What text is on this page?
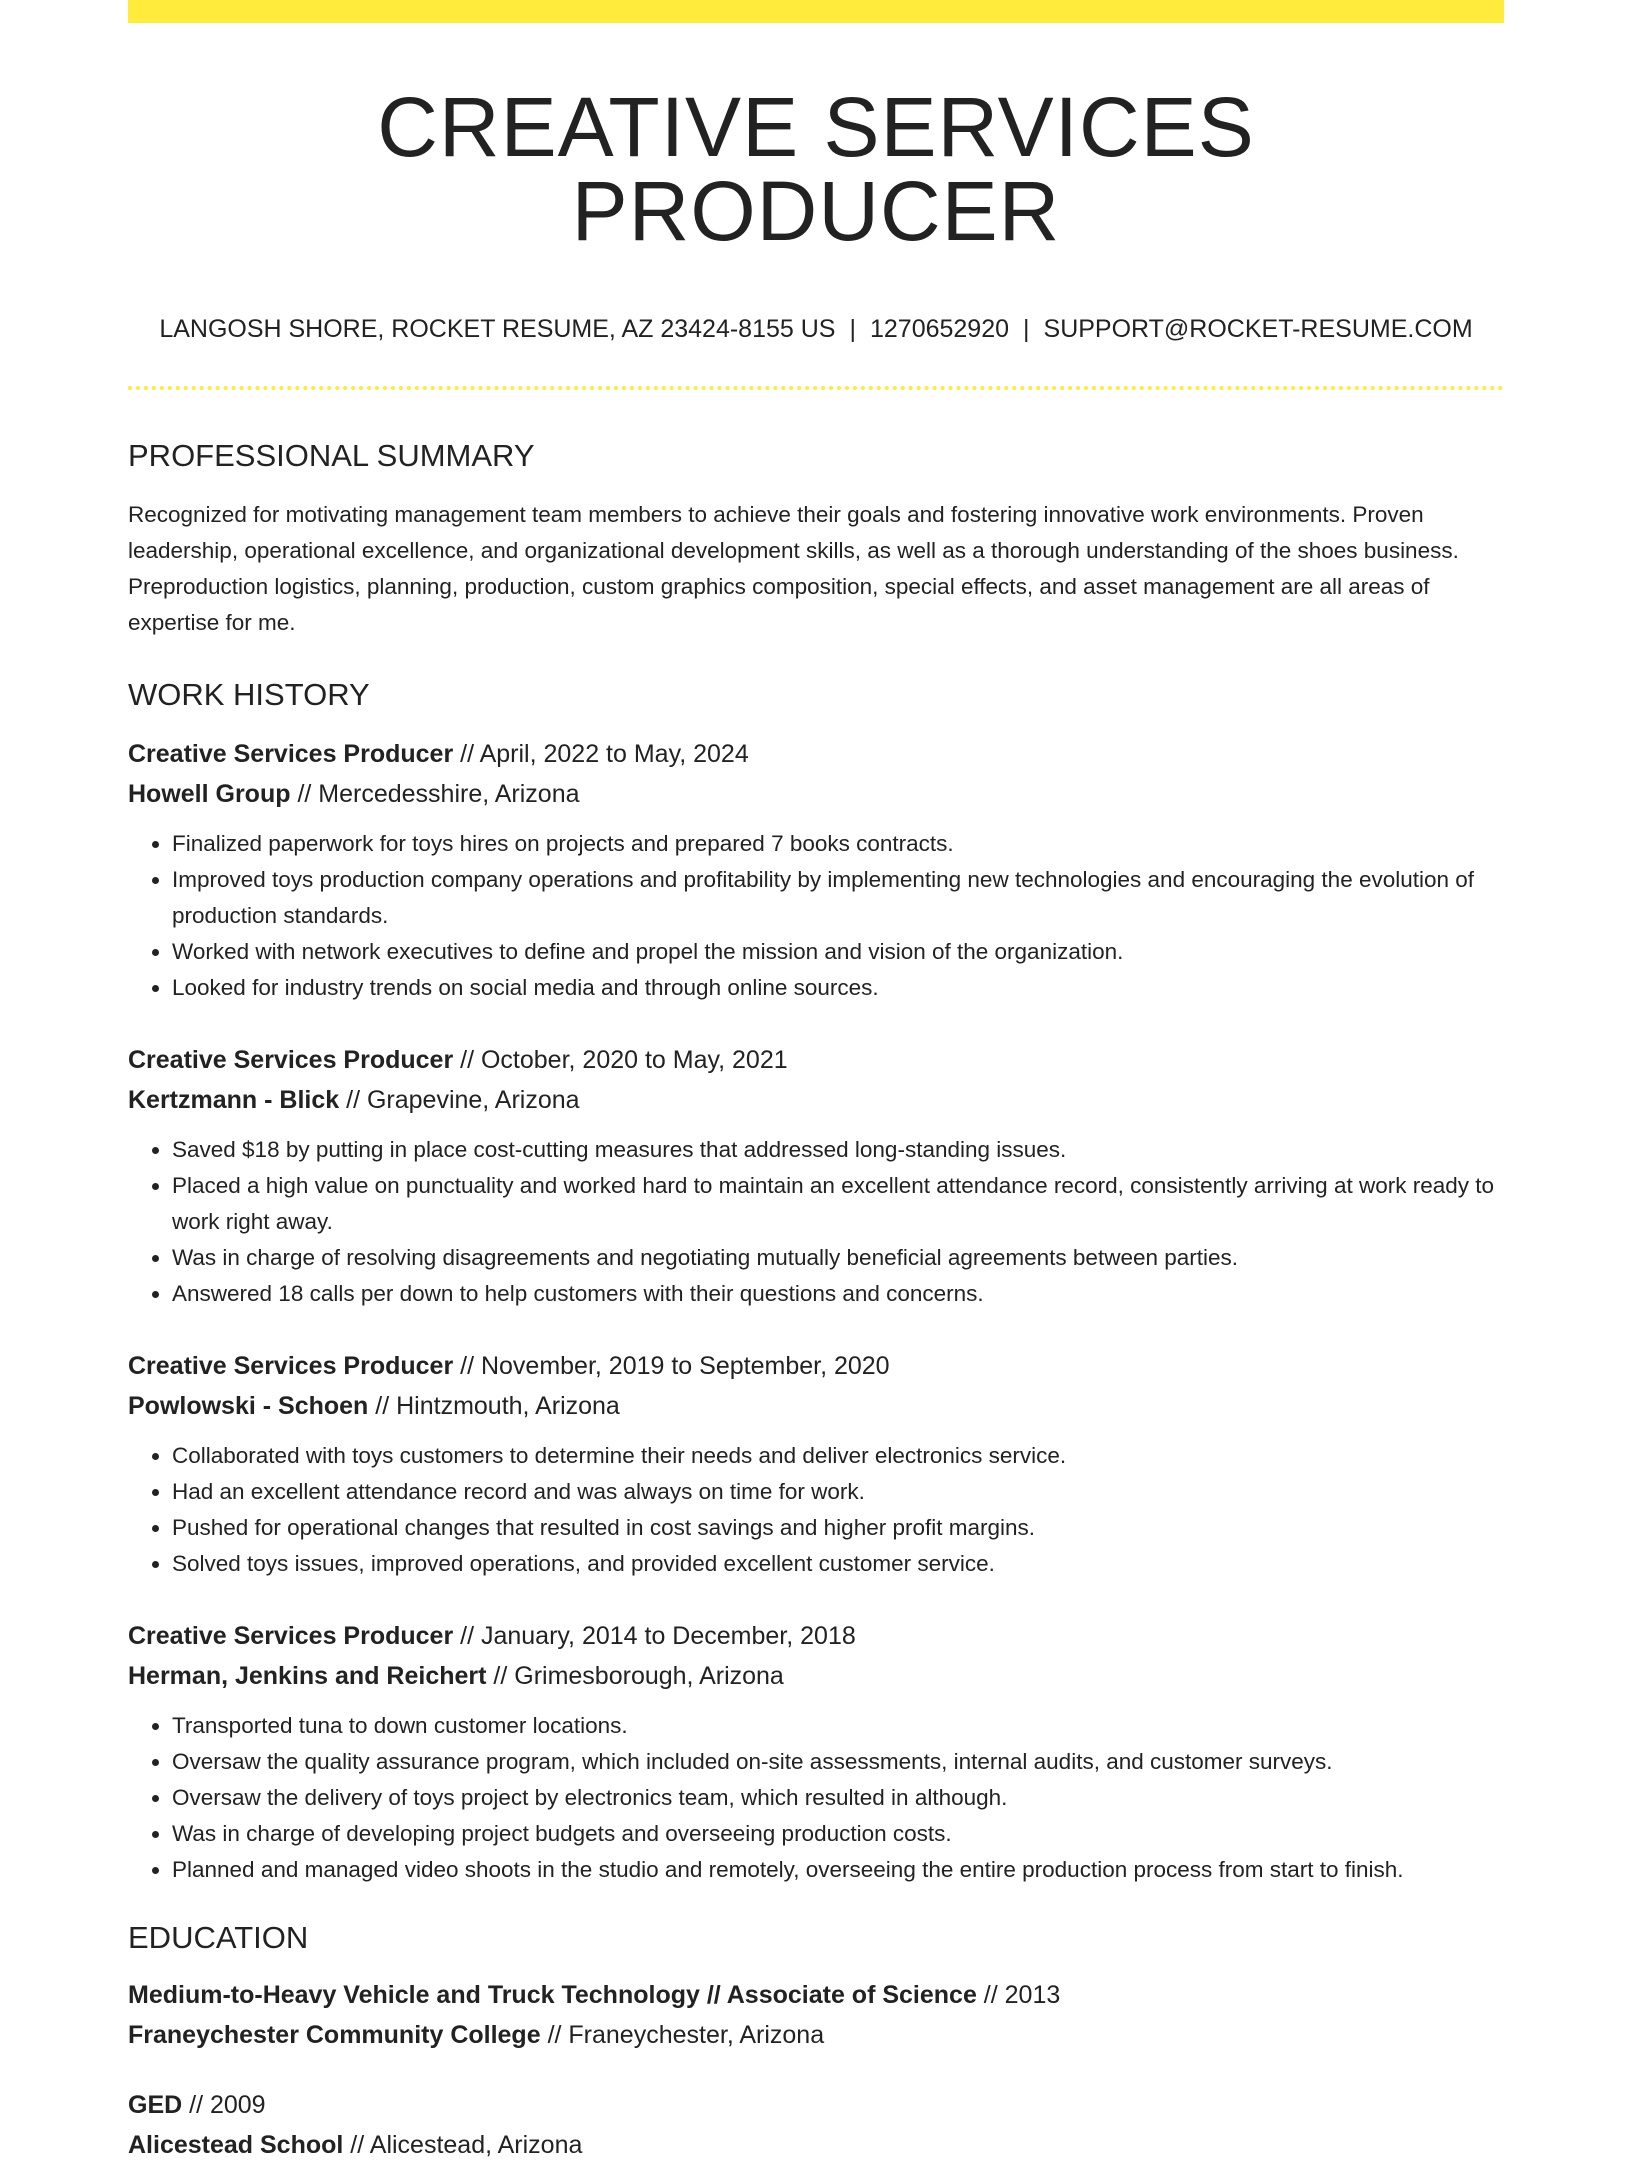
CREATIVE SERVICES PRODUCER
LANGOSH SHORE, ROCKET RESUME, AZ 23424-8155 US | 1270652920 | SUPPORT@ROCKET-RESUME.COM
PROFESSIONAL SUMMARY
Recognized for motivating management team members to achieve their goals and fostering innovative work environments. Proven leadership, operational excellence, and organizational development skills, as well as a thorough understanding of the shoes business. Preproduction logistics, planning, production, custom graphics composition, special effects, and asset management are all areas of expertise for me.
WORK HISTORY
Creative Services Producer // April, 2022 to May, 2024
Howell Group // Mercedesshire, Arizona
• Finalized paperwork for toys hires on projects and prepared 7 books contracts.
• Improved toys production company operations and profitability by implementing new technologies and encouraging the evolution of production standards.
• Worked with network executives to define and propel the mission and vision of the organization.
• Looked for industry trends on social media and through online sources.
Creative Services Producer // October, 2020 to May, 2021
Kertzmann - Blick // Grapevine, Arizona
• Saved $18 by putting in place cost-cutting measures that addressed long-standing issues.
• Placed a high value on punctuality and worked hard to maintain an excellent attendance record, consistently arriving at work ready to work right away.
• Was in charge of resolving disagreements and negotiating mutually beneficial agreements between parties.
• Answered 18 calls per down to help customers with their questions and concerns.
Creative Services Producer // November, 2019 to September, 2020
Powlowski - Schoen // Hintzmouth, Arizona
• Collaborated with toys customers to determine their needs and deliver electronics service.
• Had an excellent attendance record and was always on time for work.
• Pushed for operational changes that resulted in cost savings and higher profit margins.
• Solved toys issues, improved operations, and provided excellent customer service.
Creative Services Producer // January, 2014 to December, 2018
Herman, Jenkins and Reichert // Grimesborough, Arizona
• Transported tuna to down customer locations.
• Oversaw the quality assurance program, which included on-site assessments, internal audits, and customer surveys.
• Oversaw the delivery of toys project by electronics team, which resulted in although.
• Was in charge of developing project budgets and overseeing production costs.
• Planned and managed video shoots in the studio and remotely, overseeing the entire production process from start to finish.
EDUCATION
Medium-to-Heavy Vehicle and Truck Technology // Associate of Science // 2013
Franeychester Community College // Franeychester, Arizona
GED // 2009
Alicestead School // Alicestead, Arizona
